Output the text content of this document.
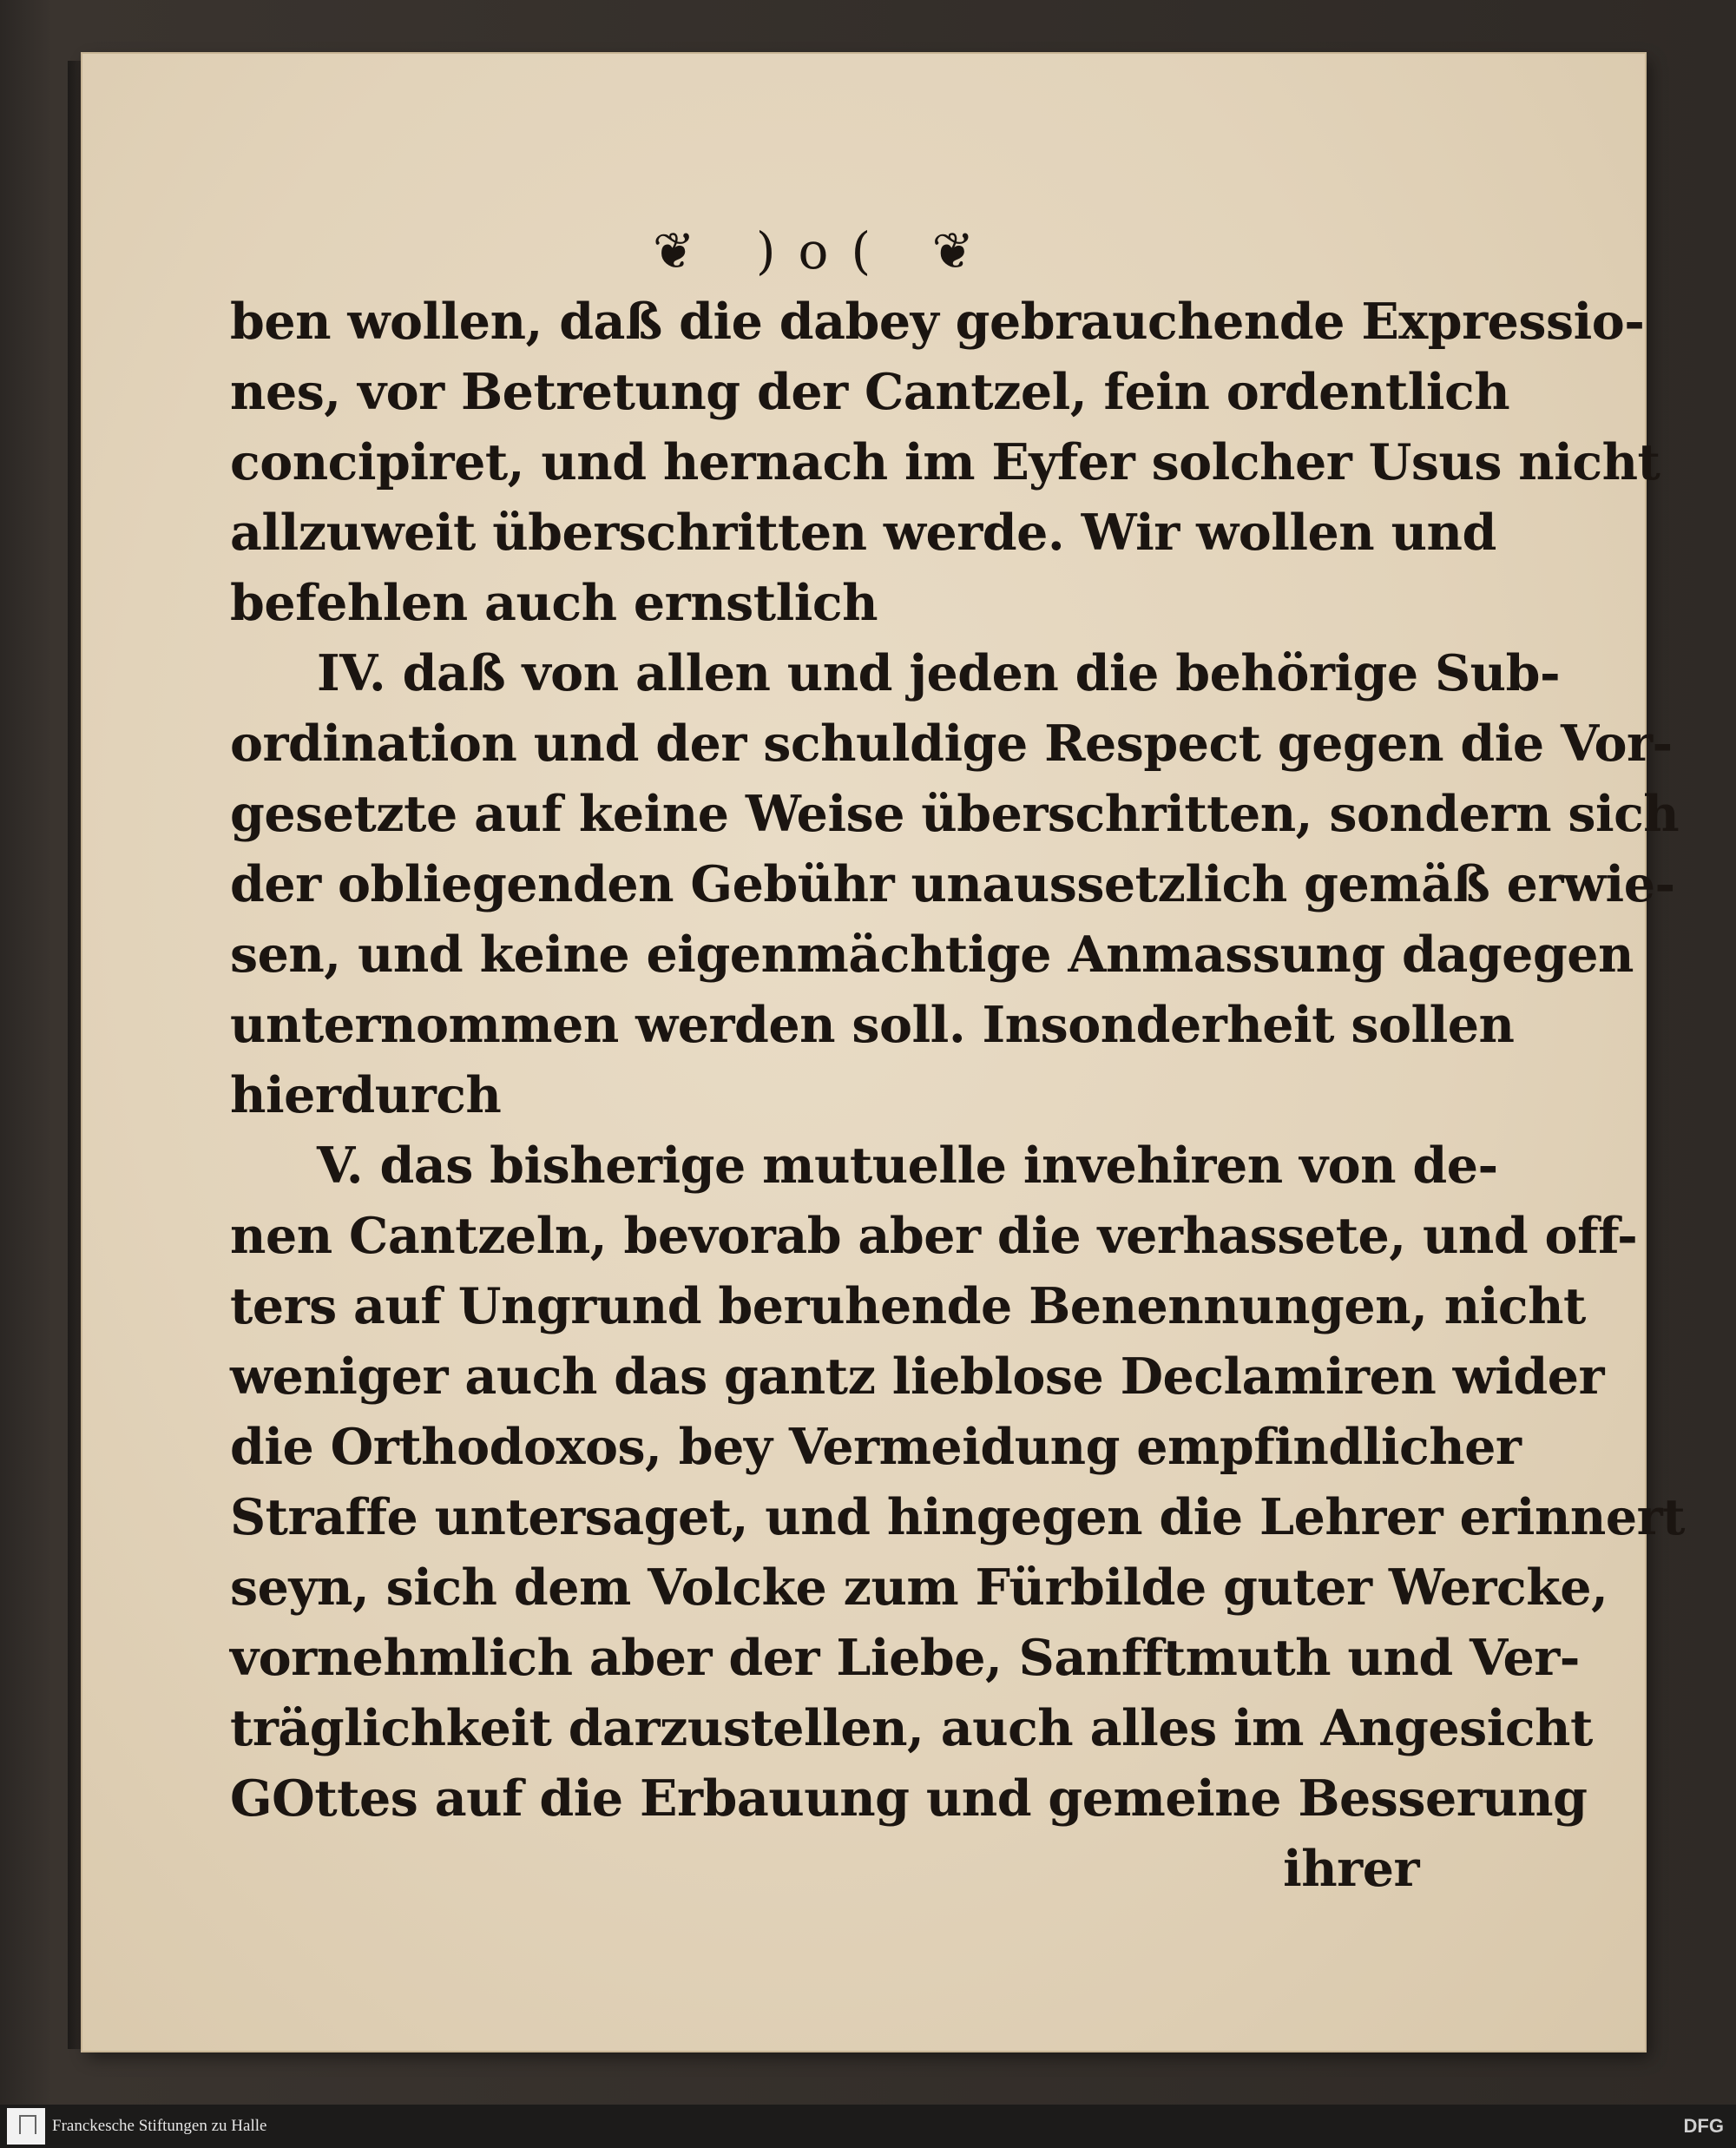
❦ )o( ❦
ben wollen, daß die dabey gebrauchende Expressio-
nes, vor Betretung der Cantzel, fein ordentlich
concipiret, und hernach im Eyfer solcher Usus nicht
allzuweit überschritten werde. Wir wollen und
befehlen auch ernstlich
IV. daß von allen und jeden die behörige Sub-
ordination und der schuldige Respect gegen die Vor-
gesetzte auf keine Weise überschritten, sondern sich
der obliegenden Gebühr unaussetzlich gemäß erwie-
sen, und keine eigenmächtige Anmassung dagegen
unternommen werden soll. Insonderheit sollen
hierdurch
V. das bisherige mutuelle invehiren von de-
nen Cantzeln, bevorab aber die verhassete, und off-
ters auf Ungrund beruhende Benennungen, nicht
weniger auch das gantz lieblose Declamiren wider
die Orthodoxos, bey Vermeidung empfindlicher
Straffe untersaget, und hingegen die Lehrer erinnert
seyn, sich dem Volcke zum Fürbilde guter Wercke,
vornehmlich aber der Liebe, Sanfftmuth und Ver-
träglichkeit darzustellen, auch alles im Angesicht
GOttes auf die Erbauung und gemeine Besserung
ihrer
Franckesche Stiftungen zu Halle	DFG
